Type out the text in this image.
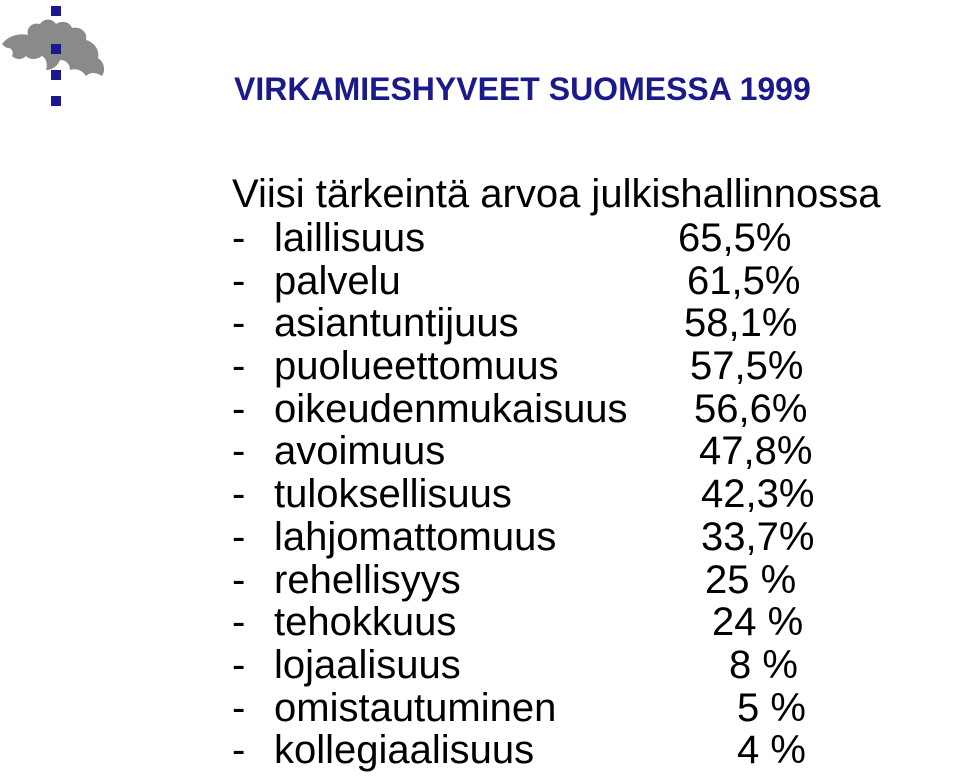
VIRKAMIESHYVEET SUOMESSA 1999
Viisi tärkeintä arvoa julkishallinnossa
- laillisuus	65,5%
- palvelu	61,5%
- asiantuntijuus	58,1%
- puolueettomuus	57,5%
- oikeudenmukaisuus 56,6%
- avoimuus	47,8%
- tuloksellisuus	42,3%
- lahjomattomuus	33,7%
- rehellisyys	25 %
- tehokkuus	24 %
- lojaalisuus	8 %
- omistautuminen	5 %
- kollegiaalisuus	4 %
